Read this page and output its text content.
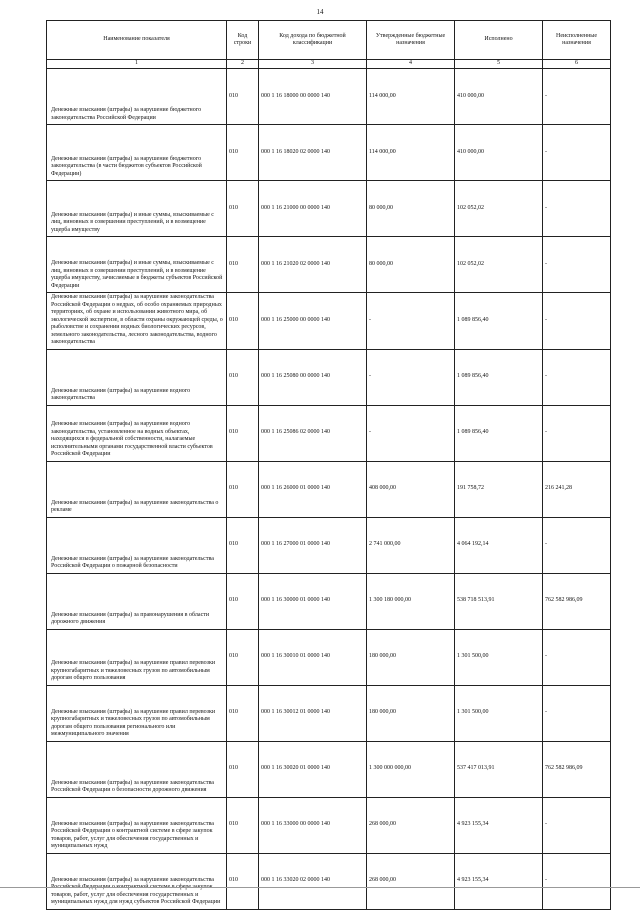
14
Наименование показателя	Код строки	Код дохода по бюджетной классификации	Утвержденные бюджетные назначения	Исполнено	Неисполненные назначения
1	2	3	4	5	6
Денежные взыскания (штрафы) за нарушение бюджетного законодательства Российской Федерации	010	000 1 16 18000 00 0000 140	114 000,00	410 000,00	-
Денежные взыскания (штрафы) за нарушение бюджетного законодательства (в части бюджетов субъектов Российской Федерации)	010	000 1 16 18020 02 0000 140	114 000,00	410 000,00	-
Денежные взыскания (штрафы) и иные суммы, взыскиваемые с лиц, виновных в совершении преступлений, и в возмещение ущерба имуществу	010	000 1 16 21000 00 0000 140	80 000,00	102 052,02	-
Денежные взыскания (штрафы) и иные суммы, взыскиваемые с лиц, виновных в совершении преступлений, и в возмещение ущерба имуществу, зачисляемые в бюджеты субъектов Российской Федерации	010	000 1 16 21020 02 0000 140	80 000,00	102 052,02	-
Денежные взыскания (штрафы) за нарушение законодательства Российской Федерации о недрах, об особо охраняемых природных территориях, об охране и использовании животного мира, об экологической экспертизе, в области охраны окружающей среды, о рыболовстве и сохранении водных биологических ресурсов, земельного законодательства, лесного законодательства, водного законодательства	010	000 1 16 25000 00 0000 140	-	1 089 856,40	-
Денежные взыскания (штрафы) за нарушение водного законодательства	010	000 1 16 25080 00 0000 140	-	1 089 856,40	-
Денежные взыскания (штрафы) за нарушение водного законодательства, установленное на водных объектах, находящихся в федеральной собственности, налагаемые исполнительными органами государственной власти субъектов Российской Федерации	010	000 1 16 25086 02 0000 140	-	1 089 856,40	-
Денежные взыскания (штрафы) за нарушение законодательства о рекламе	010	000 1 16 26000 01 0000 140	408 000,00	191 758,72	216 241,28
Денежные взыскания (штрафы) за нарушение законодательства Российской Федерации о пожарной безопасности	010	000 1 16 27000 01 0000 140	2 741 000,00	4 064 192,14	-
Денежные взыскания (штрафы) за правонарушения в области дорожного движения	010	000 1 16 30000 01 0000 140	1 300 180 000,00	538 718 513,91	762 582 986,09
Денежные взыскания (штрафы) за нарушение правил перевозки крупногабаритных и тяжеловесных грузов по автомобильным дорогам общего пользования	010	000 1 16 30010 01 0000 140	180 000,00	1 301 500,00	-
Денежные взыскания (штрафы) за нарушение правил перевозки крупногабаритных и тяжеловесных грузов по автомобильным дорогам общего пользования регионального или межмуниципального значения	010	000 1 16 30012 01 0000 140	180 000,00	1 301 500,00	-
Денежные взыскания (штрафы) за нарушение законодательства Российской Федерации о безопасности дорожного движения	010	000 1 16 30020 01 0000 140	1 300 000 000,00	537 417 013,91	762 582 986,09
Денежные взыскания (штрафы) за нарушение законодательства Российской Федерации о контрактной системе в сфере закупок товаров, работ, услуг для обеспечения государственных и муниципальных нужд	010	000 1 16 33000 00 0000 140	268 000,00	4 923 155,34	-
Денежные взыскания (штрафы) за нарушение законодательства товаров, работ, услуг для обеспечения государственных и муниципальных нужд для нужд субъектов Российской Федерации	010	000 1 16 33020 02 0000 140	268 000,00	4 923 155,34	-
